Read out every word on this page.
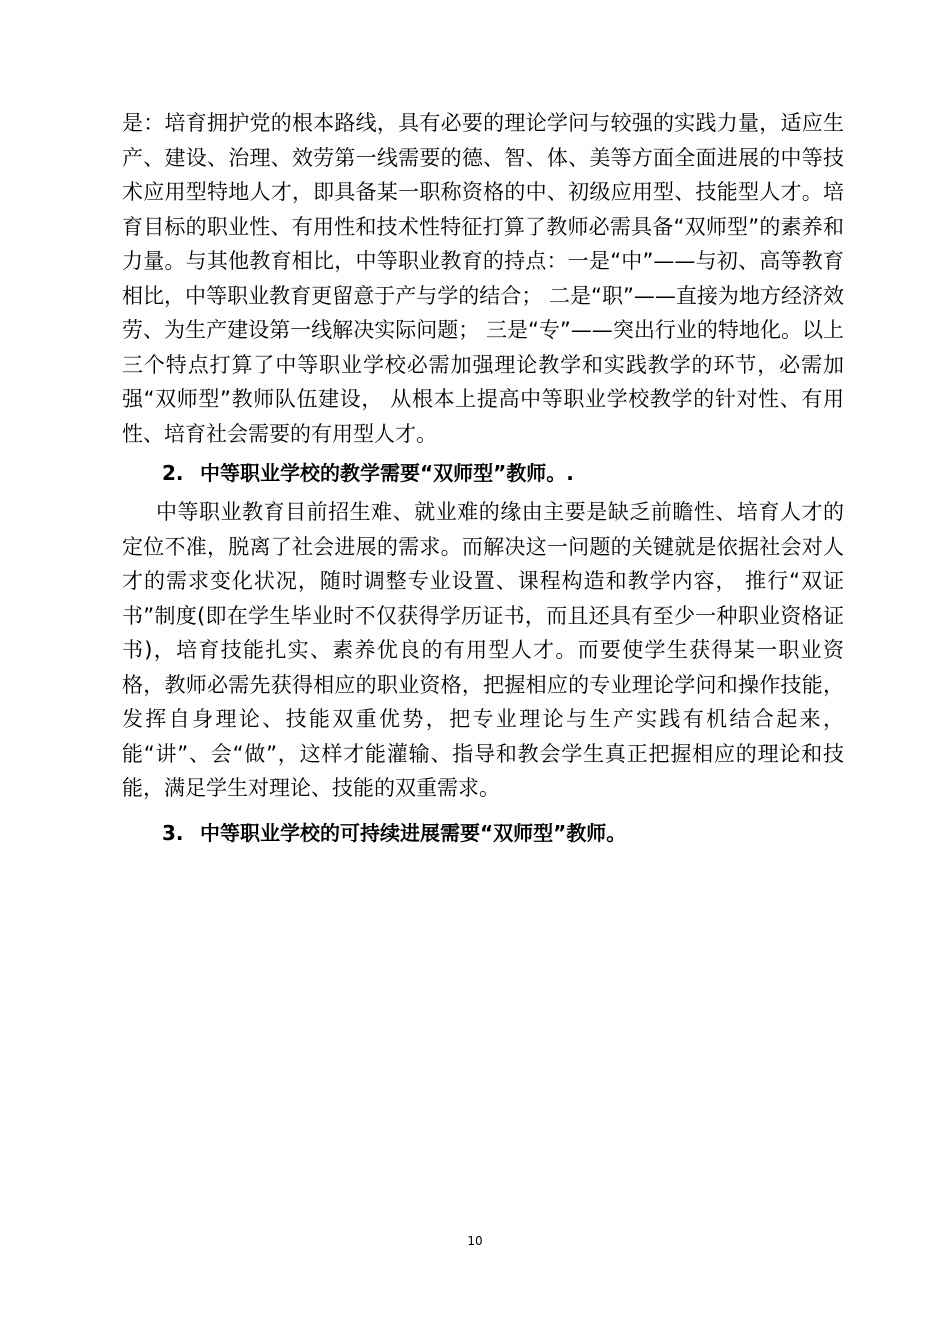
是：培育拥护党的根本路线，具有必要的理论学问与较强的实践力量，适应生产、建设、治理、效劳第一线需要的德、智、体、美等方面全面进展的中等技术应用型特地人才，即具备某一职称资格的中、初级应用型、技能型人才。培育目标的职业性、有用性和技术性特征打算了教师必需具备“双师型”的素养和力量。与其他教育相比，中等职业教育的持点：一是“中”——与初、高等教育相比，中等职业教育更留意于产与学的结合； 二是“职”——直接为地方经济效劳、为生产建设第一线解决实际问题； 三是“专”——突出行业的特地化。以上三个特点打算了中等职业学校必需加强理论教学和实践教学的环节，必需加强“双师型”教师队伍建设， 从根本上提高中等职业学校教学的针对性、有用性、培育社会需要的有用型人才。

2. 中等职业学校的教学需要“双师型”教师。.

中等职业教育目前招生难、就业难的缘由主要是缺乏前瞻性、培育人才的定位不准，脱离了社会进展的需求。而解决这一问题的关键就是依据社会对人才的需求变化状况，随时调整专业设置、课程构造和教学内容， 推行“双证书”制度(即在学生毕业时不仅获得学历证书，而且还具有至少一种职业资格证书)，培育技能扎实、素养优良的有用型人才。而要使学生获得某一职业资格，教师必需先获得相应的职业资格，把握相应的专业理论学问和操作技能，发挥自身理论、技能双重优势，把专业理论与生产实践有机结合起来，能“讲”、会“做”，这样才能灌输、指导和教会学生真正把握相应的理论和技能，满足学生对理论、技能的双重需求。

3. 中等职业学校的可持续进展需要“双师型”教师。

10
